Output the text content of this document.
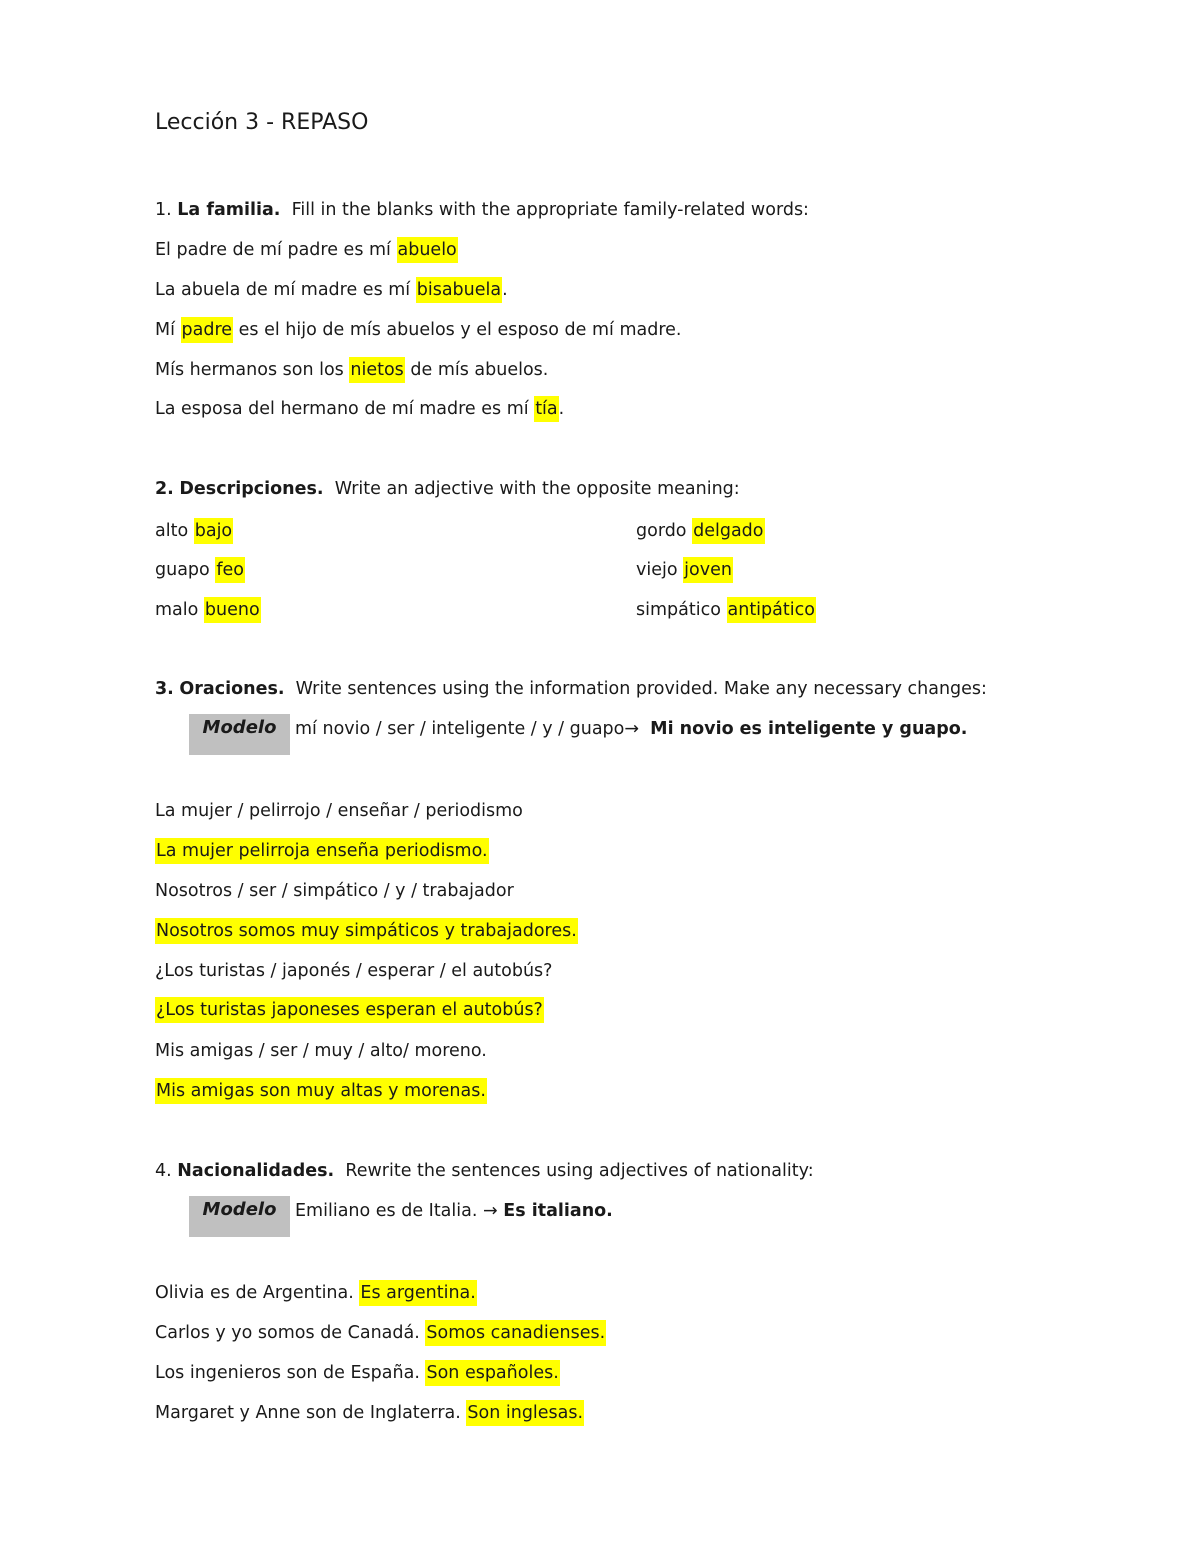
Lección 3 - REPASO
1. La familia. Fill in the blanks with the appropriate family-related words:
El padre de mí padre es mí abuelo
La abuela de mí madre es mí bisabuela.
Mí padre es el hijo de mís abuelos y el esposo de mí madre.
Mís hermanos son los nietos de mís abuelos.
La esposa del hermano de mí madre es mí tía.
2. Descripciones. Write an adjective with the opposite meaning:
alto bajo
guapo feo
malo bueno
gordo delgado
viejo joven
simpático antipático
3. Oraciones. Write sentences using the information provided. Make any necessary changes:
Modelo	mí novio / ser / inteligente / y / guapo→ Mi novio es inteligente y guapo.
La mujer / pelirrojo / enseñar / periodismo
La mujer pelirroja enseña periodismo.
Nosotros / ser / simpático / y / trabajador
Nosotros somos muy simpáticos y trabajadores.
¿Los turistas / japonés / esperar / el autobús?
¿Los turistas japoneses esperan el autobús?
Mis amigas / ser / muy / alto/ moreno.
Mis amigas son muy altas y morenas.
4. Nacionalidades. Rewrite the sentences using adjectives of nationality:
Modelo	Emiliano es de Italia. → Es italiano.
Olivia es de Argentina. Es argentina.
Carlos y yo somos de Canadá. Somos canadienses.
Los ingenieros son de España. Son españoles.
Margaret y Anne son de Inglaterra. Son inglesas.
